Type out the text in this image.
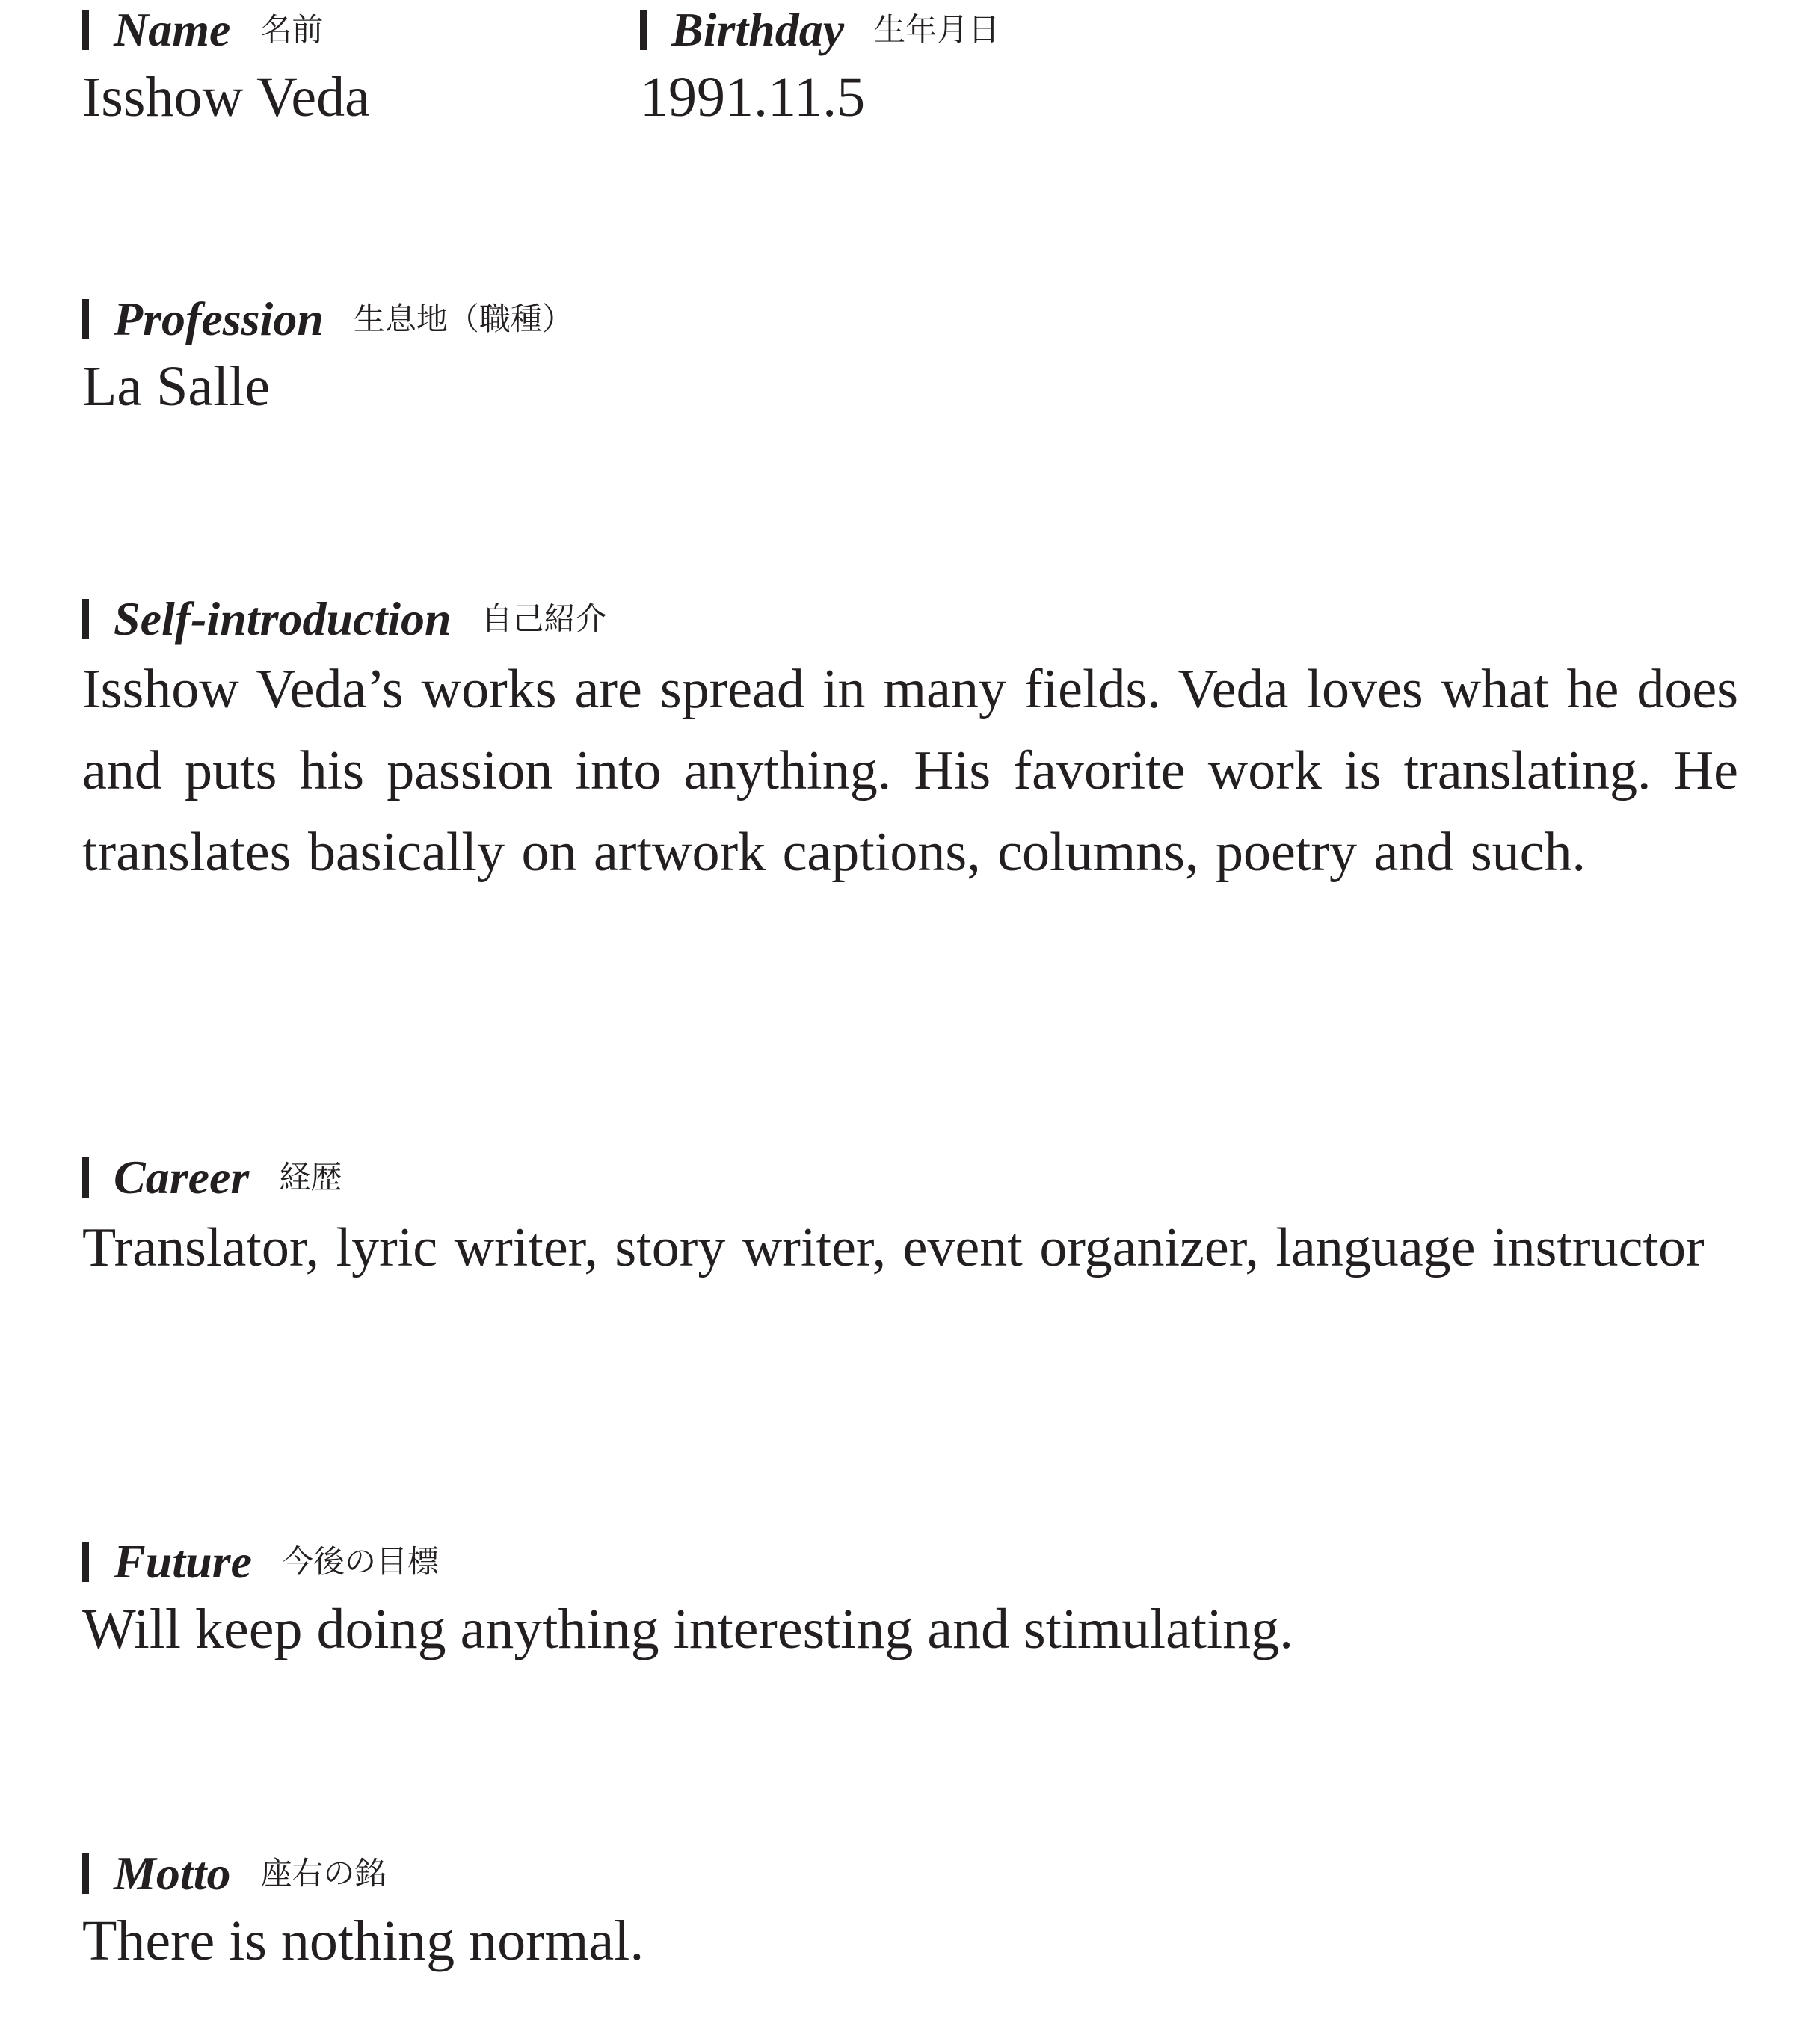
Name 名前
Isshow Veda
Birthday 生年月日
1991.11.5
Profession 生息地（職種）
La Salle
Self-introduction 自己紹介
Isshow Veda’s works are spread in many fields. Veda loves what he does and puts his passion into anything. His favorite work is translating. He translates basically on artwork captions, columns, poetry and such.
Career 経歴
Translator, lyric writer, story writer, event organizer, language instructor
Future 今後の目標
Will keep doing anything interesting and stimulating.
Motto 座右の銘
There is nothing normal.
